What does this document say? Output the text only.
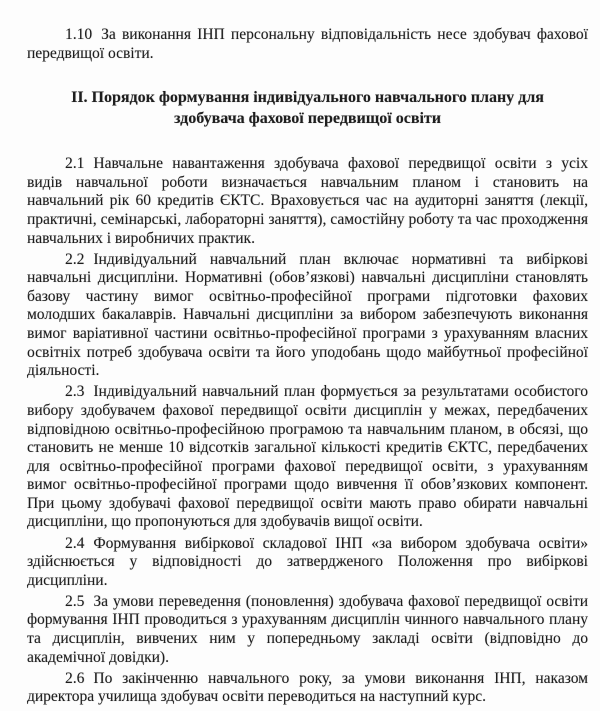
1.10 За виконання ІНП персональну відповідальність несе здобувач фахової передвищої освіти.

ІІ. Порядок формування індивідуального навчального плану для
здобувача фахової передвищої освіти

2.1 Навчальне навантаження здобувача фахової передвищої освіти з усіх видів навчальної роботи визначається навчальним планом і становить на навчальний рік 60 кредитів ЄКТС. Враховується час на аудиторні заняття (лекції, практичні, семінарські, лабораторні заняття), самостійну роботу та час проходження навчальних і виробничих практик.

2.2 Індивідуальний навчальний план включає нормативні та вибіркові навчальні дисципліни. Нормативні (обов’язкові) навчальні дисципліни становлять базову частину вимог освітньо-професійної програми підготовки фахових молодших бакалаврів. Навчальні дисципліни за вибором забезпечують виконання вимог варіативної частини освітньо-професійної програми з урахуванням власних освітніх потреб здобувача освіти та його уподобань щодо майбутньої професійної діяльності.

2.3 Індивідуальний навчальний план формується за результатами особистого вибору здобувачем фахової передвищої освіти дисциплін у межах, передбачених відповідною освітньо-професійною програмою та навчальним планом, в обсязі, що становить не менше 10 відсотків загальної кількості кредитів ЄКТС, передбачених для освітньо-професійної програми фахової передвищої освіти, з урахуванням вимог освітньо-професійної програми щодо вивчення її обов’язкових компонент. При цьому здобувачі фахової передвищої освіти мають право обирати навчальні дисципліни, що пропонуються для здобувачів вищої освіти.

2.4 Формування вибіркової складової ІНП «за вибором здобувача освіти» здійснюється у відповідності до затвердженого Положення про вибіркові дисципліни.

2.5 За умови переведення (поновлення) здобувача фахової передвищої освіти формування ІНП проводиться з урахуванням дисциплін чинного навчального плану та дисциплін, вивчених ним у попередньому закладі освіти (відповідно до академічної довідки).

2.6 По закінченню навчального року, за умови виконання ІНП, наказом директора училища здобувач освіти переводиться на наступний курс.
